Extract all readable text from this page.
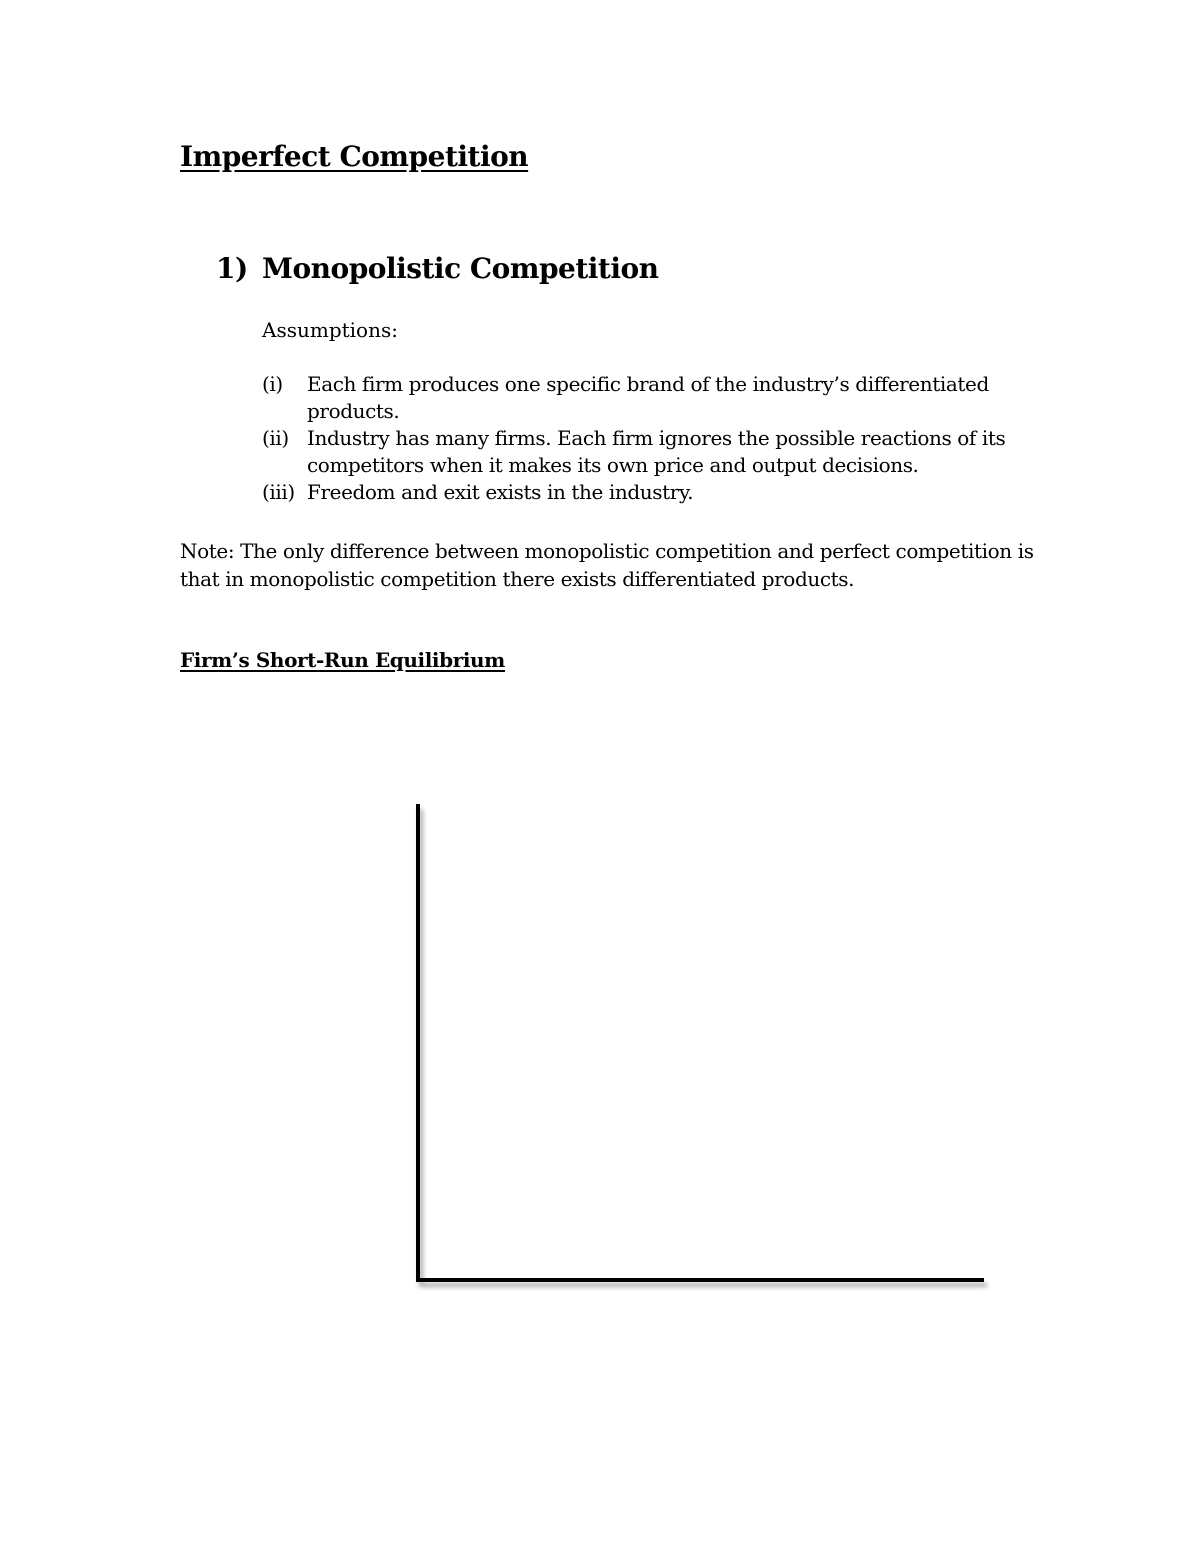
Imperfect Competition
1) Monopolistic Competition
Assumptions:
(i)	Each firm produces one specific brand of the industry’s differentiated products.
(ii) Industry has many firms. Each firm ignores the possible reactions of its competitors when it makes its own price and output decisions.
(iii) Freedom and exit exists in the industry.

Note: The only difference between monopolistic competition and perfect competition is that in monopolistic competition there exists differentiated products.

Firm’s Short-Run Equilibrium
